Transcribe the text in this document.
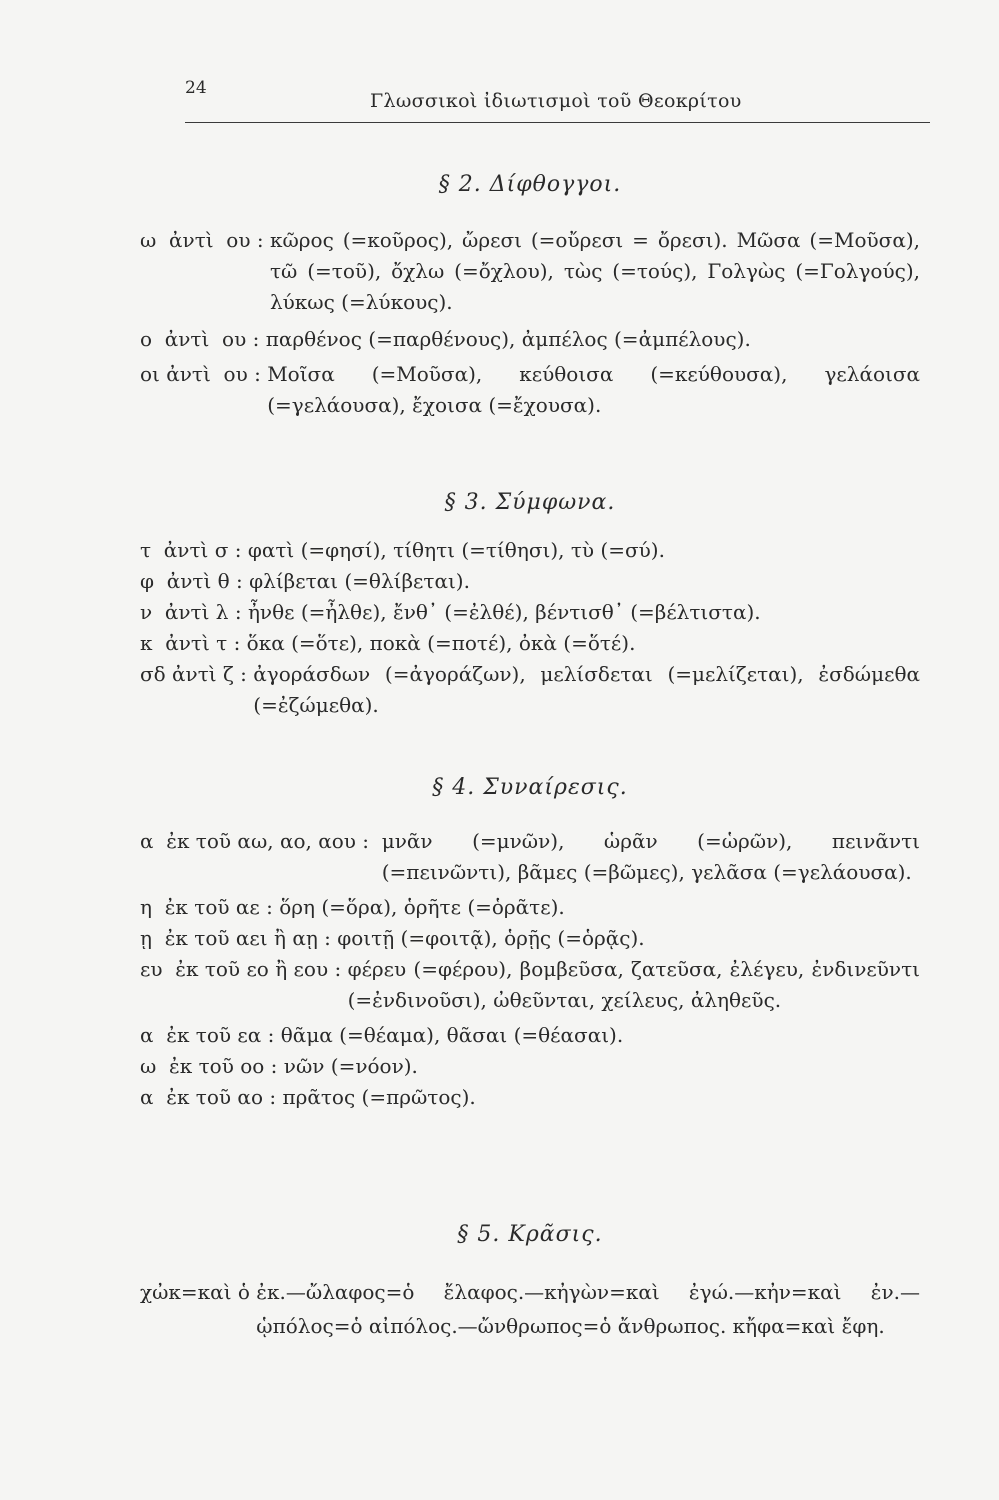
24
Γλωσσικοὶ ἰδιωτισμοὶ τοῦ Θεοκρίτου

§ 2. Δίφθογγοι.

ω  ἀντὶ  ου : κῶρος (=κοῦρος), ὤρεσι (=οὔρεσι = ὄρεσι). Μῶσα (=Μοῦσα), τῶ (=τοῦ), ὄχλω (=ὄχλου), τὼς (=τούς), Γολγὼς (=Γολγούς), λύκως (=λύκους).

ο  ἀντὶ  ου : παρθένος (=παρθένους), ἀμπέλος (=ἀμπέλους).

οι ἀντὶ  ου : Μοῖσα (=Μοῦσα), κεύθοισα (=κεύθουσα), γελάοισα (=γελάουσα), ἔχοισα (=ἔχουσα).

§ 3. Σύμφωνα.

τ  ἀντὶ σ : φατὶ (=φησί), τίθητι (=τίθησι), τὺ (=σύ).

φ  ἀντὶ θ : φλίβεται (=θλίβεται).

ν  ἀντὶ λ : ἦνθε (=ἦλθε), ἔνθ᾽ (=ἐλθέ), βέντισθ᾽ (=βέλτιστα).

κ  ἀντὶ τ : ὅκα (=ὅτε), ποκὰ (=ποτέ), ὀκὰ (=ὅτέ).

σδ ἀντὶ ζ : ἀγοράσδων (=ἀγοράζων), μελίσδεται (=μελίζεται), ἐσδώμεθα (=ἐζώμεθα).

§ 4. Συναίρεσις.

α  ἐκ τοῦ αω, αο, αου : μνᾶν (=μνῶν), ὡρᾶν (=ὡρῶν), πεινᾶντι (=πεινῶντι), βᾶμες (=βῶμες), γελᾶσα (=γελάουσα).

η  ἐκ τοῦ αε : ὅρη (=ὅρα), ὁρῆτε (=ὁρᾶτε).

ῃ  ἐκ τοῦ αει ἢ αῃ : φοιτῇ (=φοιτᾷ), ὁρῇς (=ὁρᾷς).

ευ  ἐκ τοῦ εο ἢ εου : φέρευ (=φέρου), βομβεῦσα, ζατεῦσα, ἐλέγευ, ἐνδινεῦντι (=ἐνδινοῦσι), ὠθεῦνται, χείλευς, ἀληθεῦς.

α  ἐκ τοῦ εα : θᾶμα (=θέαμα), θᾶσαι (=θέασαι).

ω  ἐκ τοῦ οο : νῶν (=νόον).

α  ἐκ τοῦ αο : πρᾶτος (=πρῶτος).

§ 5. Κρᾶσις.

χὠκ=καὶ ὁ ἐκ.—ὤλαφος=ὁ ἔλαφος.—κἠγὼν=καὶ ἐγώ.—κἠν=καὶ ἐν.—ᾡπόλος=ὁ αἰπόλος.—ὤνθρωπος=ὁ ἄνθρωπος. κἤφα=καὶ ἔφη.
